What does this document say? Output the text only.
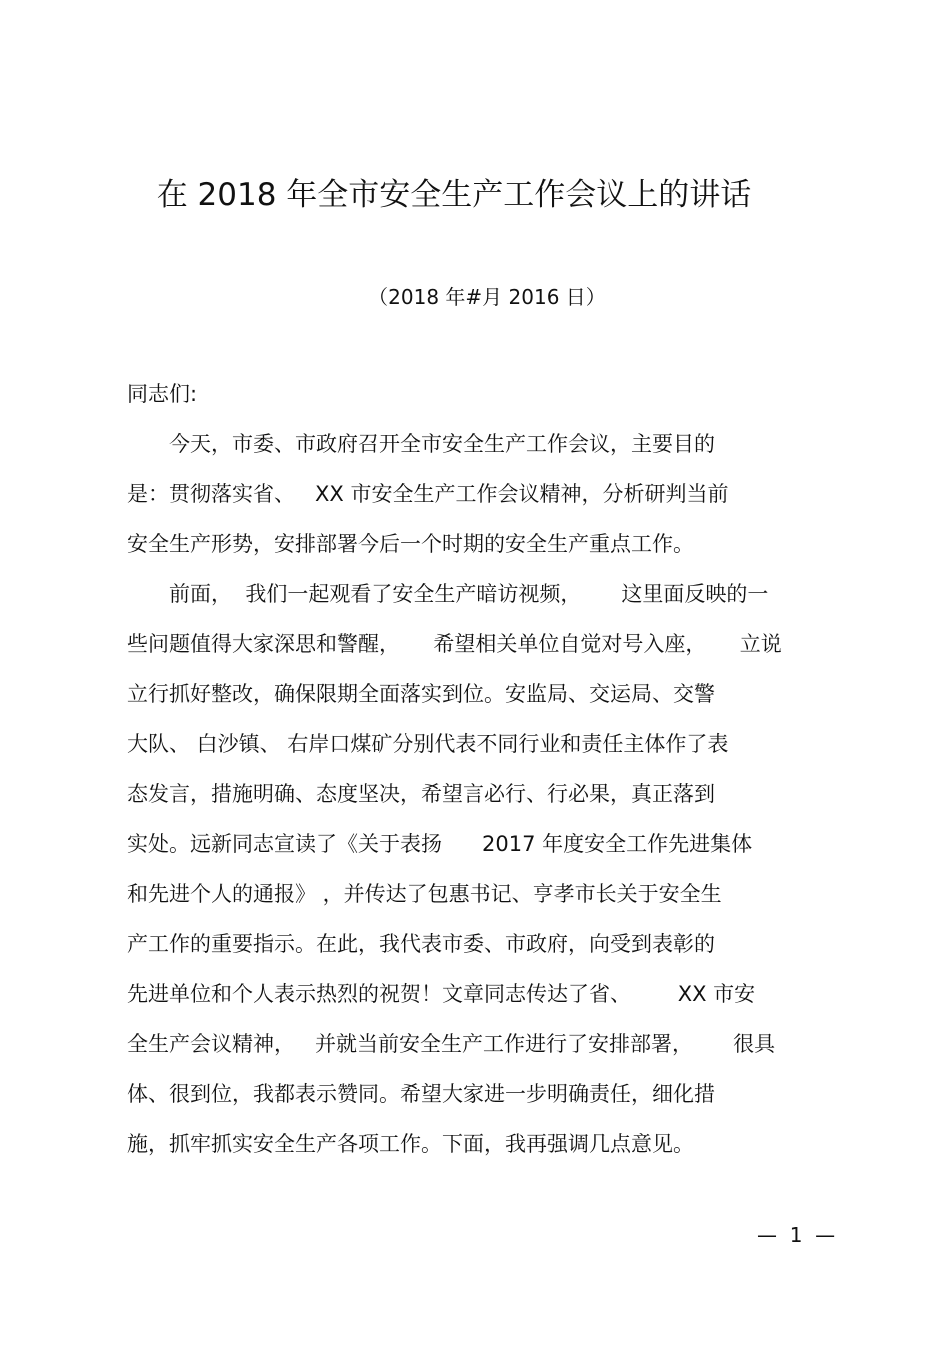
在 2018 年全市安全生产工作会议上的讲话
（2018 年#月 2016 日）

同志们:

　　今天，市委、市政府召开全市安全生产工作会议，主要目的

是：贯彻落实省、   XX 市安全生产工作会议精神，分析研判当前

安全生产形势，安排部署今后一个时期的安全生产重点工作。

　　前面，  我们一起观看了安全生产暗访视频，      这里面反映的一

些问题值得大家深思和警醒，     希望相关单位自觉对号入座，     立说

立行抓好整改，确保限期全面落实到位。安监局、交运局、交警

大队、 白沙镇、 右岸口煤矿分别代表不同行业和责任主体作了表

态发言，措施明确、态度坚决，希望言必行、行必果，真正落到

实处。远新同志宣读了《关于表扬      2017 年度安全工作先进集体

和先进个人的通报》 ，并传达了包惠书记、亨孝市长关于安全生

产工作的重要指示。在此，我代表市委、市政府，向受到表彰的

先进单位和个人表示热烈的祝贺！文章同志传达了省、       XX 市安

全生产会议精神，   并就当前安全生产工作进行了安排部署，      很具

体、很到位，我都表示赞同。希望大家进一步明确责任，细化措

施，抓牢抓实安全生产各项工作。下面，我再强调几点意见。

—  1  —
